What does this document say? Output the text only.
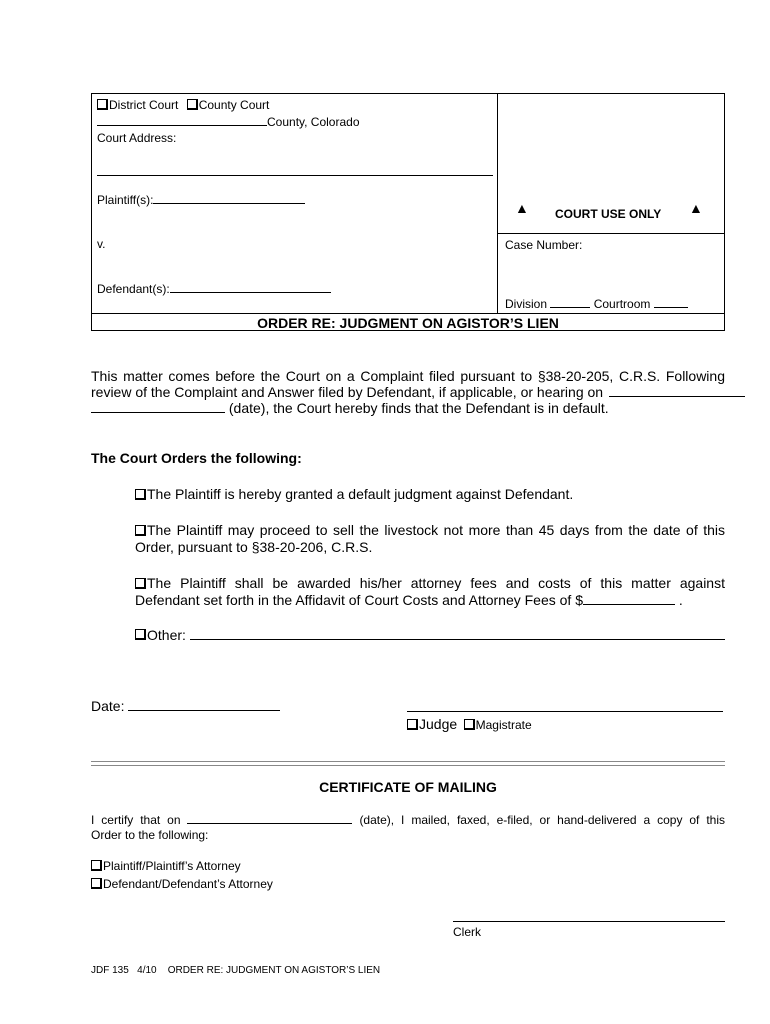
District Court County Court
County, Colorado
Court Address:
Plaintiff(s):
v.
Defendant(s):
▲ COURT USE ONLY ▲
Case Number:
Division	Courtroom
ORDER RE: JUDGMENT ON AGISTOR’S LIEN
This matter comes before the Court on a Complaint filed pursuant to §38-20-205, C.R.S. Following
review of the Complaint and Answer filed by Defendant, if applicable, or hearing on
(date), the Court hereby finds that the Defendant is in default.
The Court Orders the following:
The Plaintiff is hereby granted a default judgment against Defendant.
The Plaintiff may proceed to sell the livestock not more than 45 days from the date of this
Order, pursuant to §38-20-206, C.R.S.
The Plaintiff shall be awarded his/her attorney fees and costs of this matter against
Defendant set forth in the Affidavit of Court Costs and Attorney Fees of $	.
Other:
Date:
Judge Magistrate
CERTIFICATE OF MAILING
I certify that on	(date), I mailed, faxed, e-filed, or hand-delivered a copy of this
Order to the following:
Plaintiff/Plaintiff’s Attorney
Defendant/Defendant’s Attorney
Clerk
JDF 135   4/10    ORDER RE: JUDGMENT ON AGISTOR’S LIEN
